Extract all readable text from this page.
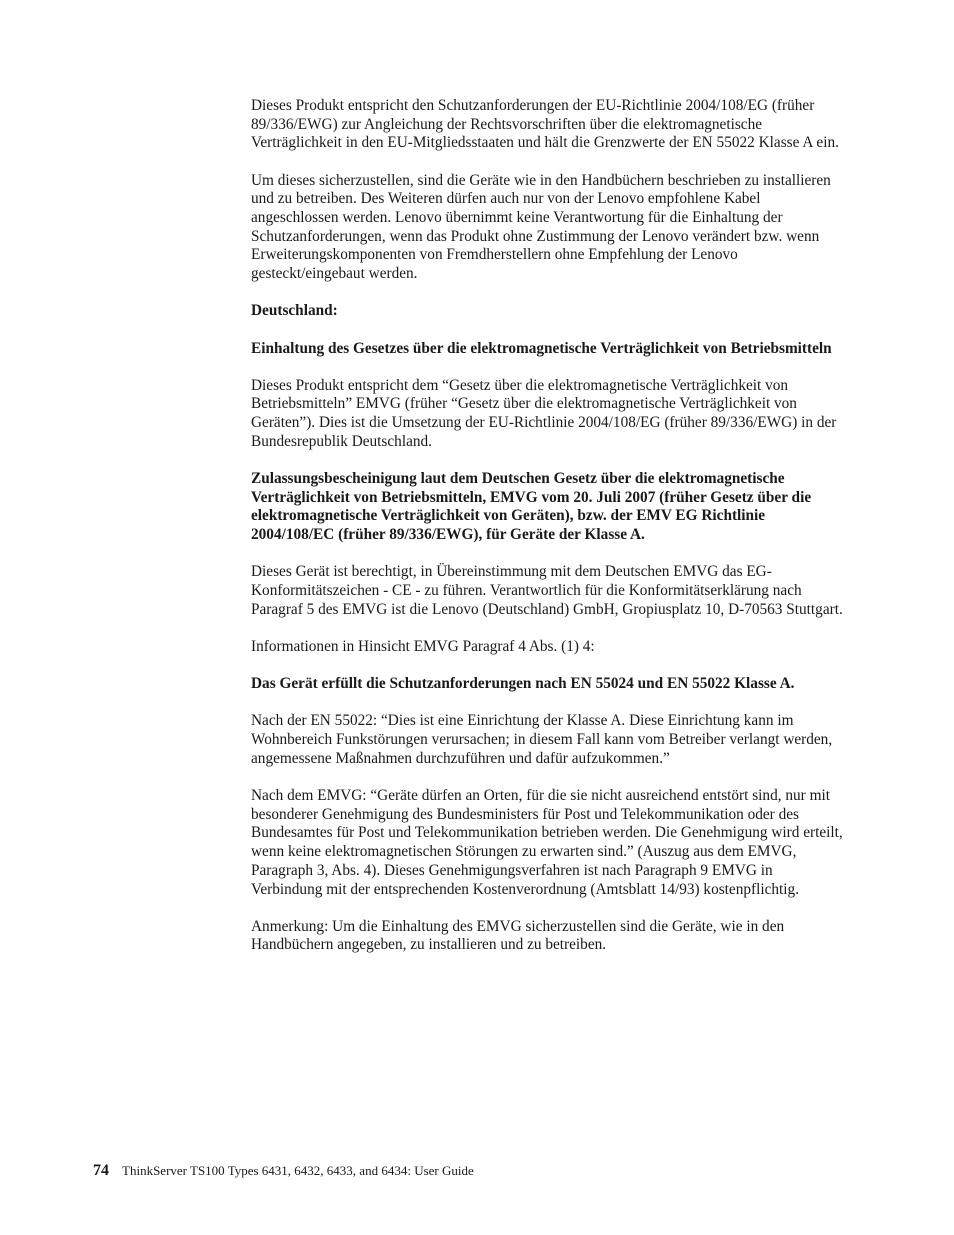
Dieses Produkt entspricht den Schutzanforderungen der EU-Richtlinie 2004/108/EG (früher 89/336/EWG) zur Angleichung der Rechtsvorschriften über die elektromagnetische Verträglichkeit in den EU-Mitgliedsstaaten und hält die Grenzwerte der EN 55022 Klasse A ein.

Um dieses sicherzustellen, sind die Geräte wie in den Handbüchern beschrieben zu installieren und zu betreiben. Des Weiteren dürfen auch nur von der Lenovo empfohlene Kabel angeschlossen werden. Lenovo übernimmt keine Verantwortung für die Einhaltung der Schutzanforderungen, wenn das Produkt ohne Zustimmung der Lenovo verändert bzw. wenn Erweiterungskomponenten von Fremdherstellern ohne Empfehlung der Lenovo gesteckt/eingebaut werden.

Deutschland:

Einhaltung des Gesetzes über die elektromagnetische Verträglichkeit von Betriebsmitteln

Dieses Produkt entspricht dem “Gesetz über die elektromagnetische Verträglichkeit von Betriebsmitteln” EMVG (früher “Gesetz über die elektromagnetische Verträglichkeit von Geräten”). Dies ist die Umsetzung der EU-Richtlinie 2004/108/EG (früher 89/336/EWG) in der Bundesrepublik Deutschland.

Zulassungsbescheinigung laut dem Deutschen Gesetz über die elektromagnetische Verträglichkeit von Betriebsmitteln, EMVG vom 20. Juli 2007 (früher Gesetz über die elektromagnetische Verträglichkeit von Geräten), bzw. der EMV EG Richtlinie 2004/108/EC (früher 89/336/EWG), für Geräte der Klasse A.

Dieses Gerät ist berechtigt, in Übereinstimmung mit dem Deutschen EMVG das EG-Konformitätszeichen - CE - zu führen. Verantwortlich für die Konformitätserklärung nach Paragraf 5 des EMVG ist die Lenovo (Deutschland) GmbH, Gropiusplatz 10, D-70563 Stuttgart.

Informationen in Hinsicht EMVG Paragraf 4 Abs. (1) 4:

Das Gerät erfüllt die Schutzanforderungen nach EN 55024 und EN 55022 Klasse A.

Nach der EN 55022: “Dies ist eine Einrichtung der Klasse A. Diese Einrichtung kann im Wohnbereich Funkstörungen verursachen; in diesem Fall kann vom Betreiber verlangt werden, angemessene Maßnahmen durchzuführen und dafür aufzukommen.”

Nach dem EMVG: “Geräte dürfen an Orten, für die sie nicht ausreichend entstört sind, nur mit besonderer Genehmigung des Bundesministers für Post und Telekommunikation oder des Bundesamtes für Post und Telekommunikation betrieben werden. Die Genehmigung wird erteilt, wenn keine elektromagnetischen Störungen zu erwarten sind.” (Auszug aus dem EMVG, Paragraph 3, Abs. 4). Dieses Genehmigungsverfahren ist nach Paragraph 9 EMVG in Verbindung mit der entsprechenden Kostenverordnung (Amtsblatt 14/93) kostenpflichtig.

Anmerkung: Um die Einhaltung des EMVG sicherzustellen sind die Geräte, wie in den Handbüchern angegeben, zu installieren und zu betreiben.

74 ThinkServer TS100 Types 6431, 6432, 6433, and 6434: User Guide
